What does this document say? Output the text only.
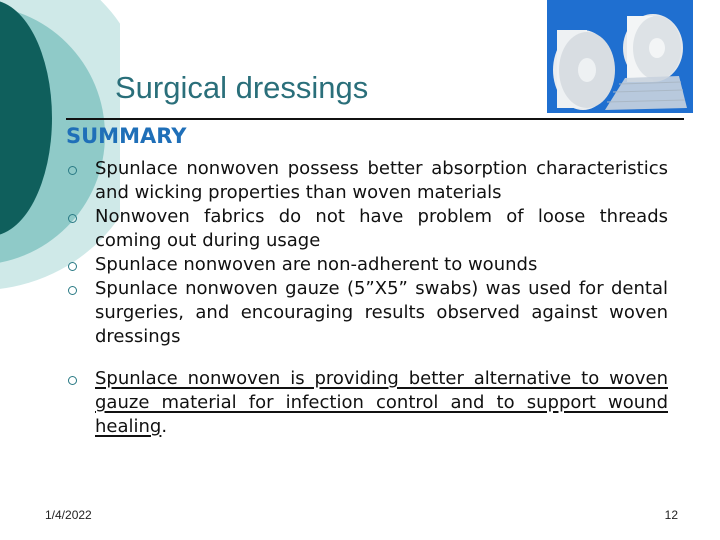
Surgical dressings
SUMMARY
Spunlace nonwoven possess better absorption characteristics and wicking properties than woven materials
Nonwoven fabrics do not have problem of loose threads coming out during usage
Spunlace nonwoven are non-adherent to wounds
Spunlace nonwoven gauze (5”X5” swabs) was used for dental surgeries, and encouraging results observed against woven dressings
Spunlace nonwoven is providing better alternative to woven gauze material for infection control and to support wound healing.
1/4/2022	12
